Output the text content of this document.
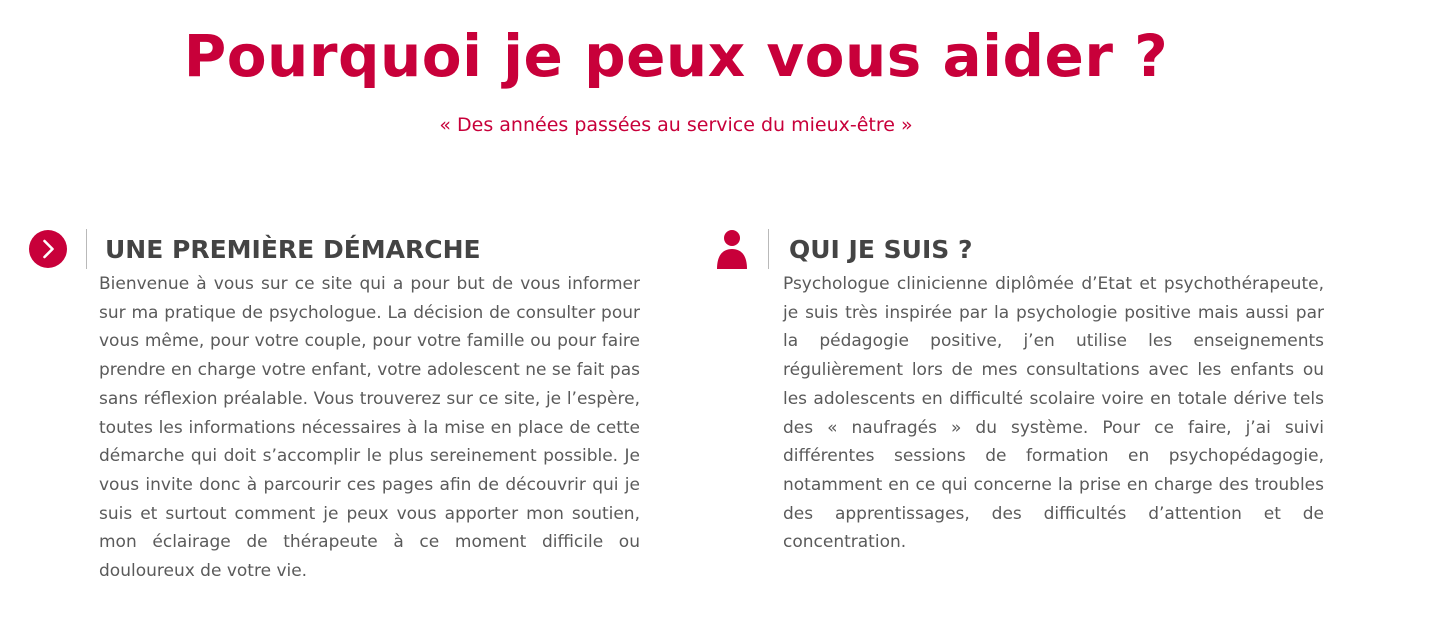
Pourquoi je peux vous aider ?

« Des années passées au service du mieux-être »

UNE PREMIÈRE DÉMARCHE

Bienvenue à vous sur ce site qui a pour but de vous informer sur ma pratique de psychologue. La décision de consulter pour vous même, pour votre couple, pour votre famille ou pour faire prendre en charge votre enfant, votre adolescent ne se fait pas sans réflexion préalable. Vous trouverez sur ce site, je l’espère, toutes les informations nécessaires à la mise en place de cette démarche qui doit s’accomplir le plus sereinement possible. Je vous invite donc à parcourir ces pages afin de découvrir qui je suis et surtout comment je peux vous apporter mon soutien, mon éclairage de thérapeute à ce moment difficile ou douloureux de votre vie.

QUI JE SUIS ?

Psychologue clinicienne diplômée d’Etat et psychothérapeute, je suis très inspirée par la psychologie positive mais aussi par la pédagogie positive, j’en utilise les enseignements régulièrement lors de mes consultations avec les enfants ou les adolescents en difficulté scolaire voire en totale dérive tels des « naufragés » du système. Pour ce faire, j’ai suivi différentes sessions de formation en psychopédagogie, notamment en ce qui concerne la prise en charge des troubles des apprentissages, des difficultés d’attention et de concentration.
